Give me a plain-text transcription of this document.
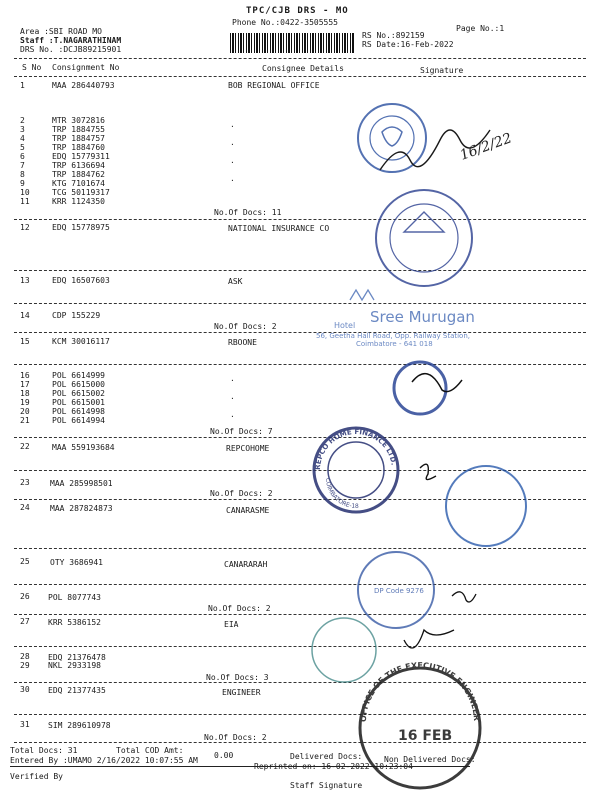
TPC/CJB DRS - MO
Phone No.:0422-3505555
Page No.:1
Area :SBI ROAD MO
Staff :T.NAGARATHINAM
DRS No. :DCJB89215901
RS No.:892159
RS Date:16-Feb-2022
S No Consignment No	Consignee Details	Signature
1	MAA 286440793	BOB REGIONAL OFFICE
2	MTR 3072816
3	TRP 1884755
4	TRP 1884757
5	TRP 1884760
6	EDQ 15779311
7	TRP 6136694
8	TRP 1884762
9	KTG 7101674
10	TCG 50119317
11	KRR 1124350
.
.
.
.
No.Of Docs: 11
12	EDQ 15778975	NATIONAL INSURANCE CO
13	EDQ 16507603	ASK
14	CDP 155229
No.Of Docs: 2
15	KCM 30016117	RBOONE
16	POL 6614999
17	POL 6615000
18	POL 6615002
19	POL 6615001
20	POL 6614998
21	POL 6614994
.
.
.
No.Of Docs: 7
22	MAA 559193684	REPCOHOME
23	MAA 285998501
No.Of Docs: 2
24	MAA 287824873	CANARASME
25	OTY 3686941	CANARARAH
26 POL 8077743
No.Of Docs: 2
27 KRR 5386152	EIA
28 EDQ 21376478
29 NKL 2933198
No.Of Docs: 3
30 EDQ 21377435	ENGINEER
31 SIM 289610978
No.Of Docs: 2
Total Docs: 31	Total COD Amt:
0.00	Delivered Docs:	Non Delivered Docs:
Entered By :UMAMO 2/16/2022 10:07:55 AM
Reprinted on: 16-02-2022 10:23:04
Verified By
Staff Signature
16/2/22
Sree Murugan
Hotel
56, Geetha Hall Road, Opp. Railway Station,
Coimbatore - 641 018
REPCO HOME FINANCE LTD.
COIMBATORE-18
DP Code 9276
OFFICE OF THE EXECUTIVE ENGINEER
16 FEB
